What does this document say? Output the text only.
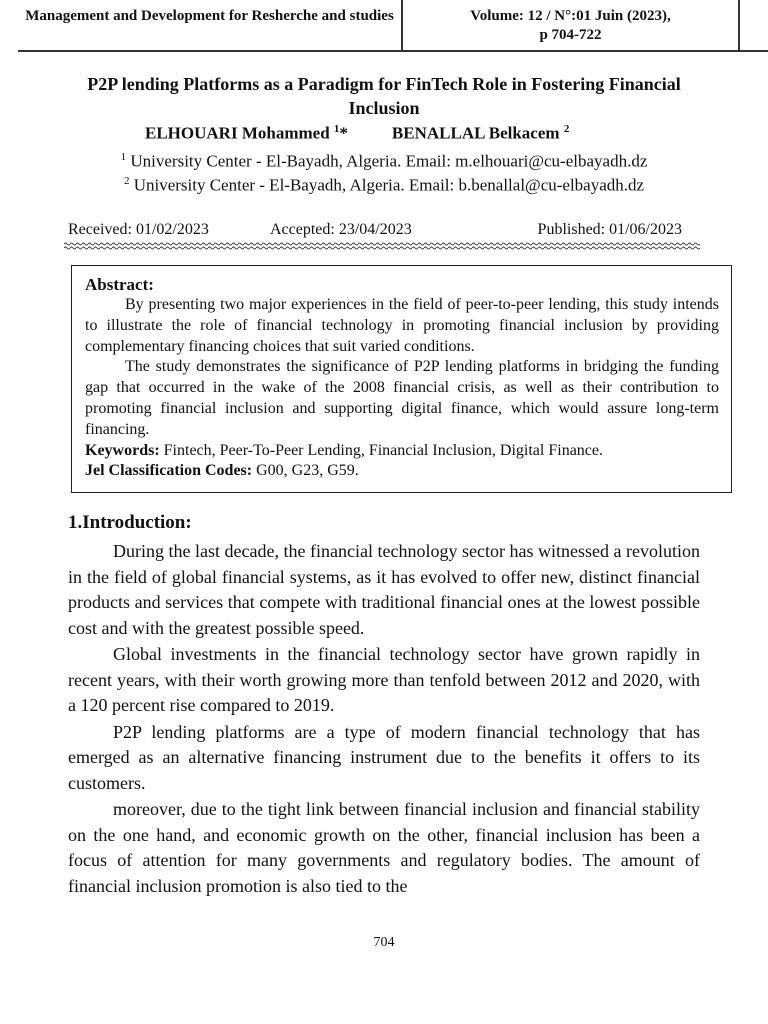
Management and Development for Resherche and studies	Volume: 12 / N°:01 Juin (2023),
p 704-722
P2P lending Platforms as a Paradigm for FinTech Role in Fostering Financial Inclusion
ELHOUARI Mohammed $^1$*	BENALLAL Belkacem $^2$
$^1$ University Center - El-Bayadh, Algeria. Email: m.elhouari@cu-elbayadh.dz
$^2$ University Center - El-Bayadh, Algeria. Email: b.benallal@cu-elbayadh.dz
Received: 01/02/2023	Accepted: 23/04/2023	Published: 01/06/2023
Abstract:

By presenting two major experiences in the field of peer-to-peer lending, this study intends to illustrate the role of financial technology in promoting financial inclusion by providing complementary financing choices that suit varied conditions.

The study demonstrates the significance of P2P lending platforms in bridging the funding gap that occurred in the wake of the 2008 financial crisis, as well as their contribution to promoting financial inclusion and supporting digital finance, which would assure long-term financing.

Keywords: Fintech, Peer-To-Peer Lending, Financial Inclusion, Digital Finance.
Jel Classification Codes: G00, G23, G59.
1.Introduction:

During the last decade, the financial technology sector has witnessed a revolution in the field of global financial systems, as it has evolved to offer new, distinct financial products and services that compete with traditional financial ones at the lowest possible cost and with the greatest possible speed.

Global investments in the financial technology sector have grown rapidly in recent years, with their worth growing more than tenfold between 2012 and 2020, with a 120 percent rise compared to 2019.

P2P lending platforms are a type of modern financial technology that has emerged as an alternative financing instrument due to the benefits it offers to its customers.

moreover, due to the tight link between financial inclusion and financial stability on the one hand, and economic growth on the other, financial inclusion has been a focus of attention for many governments and regulatory bodies. The amount of financial inclusion promotion is also tied to the

704
